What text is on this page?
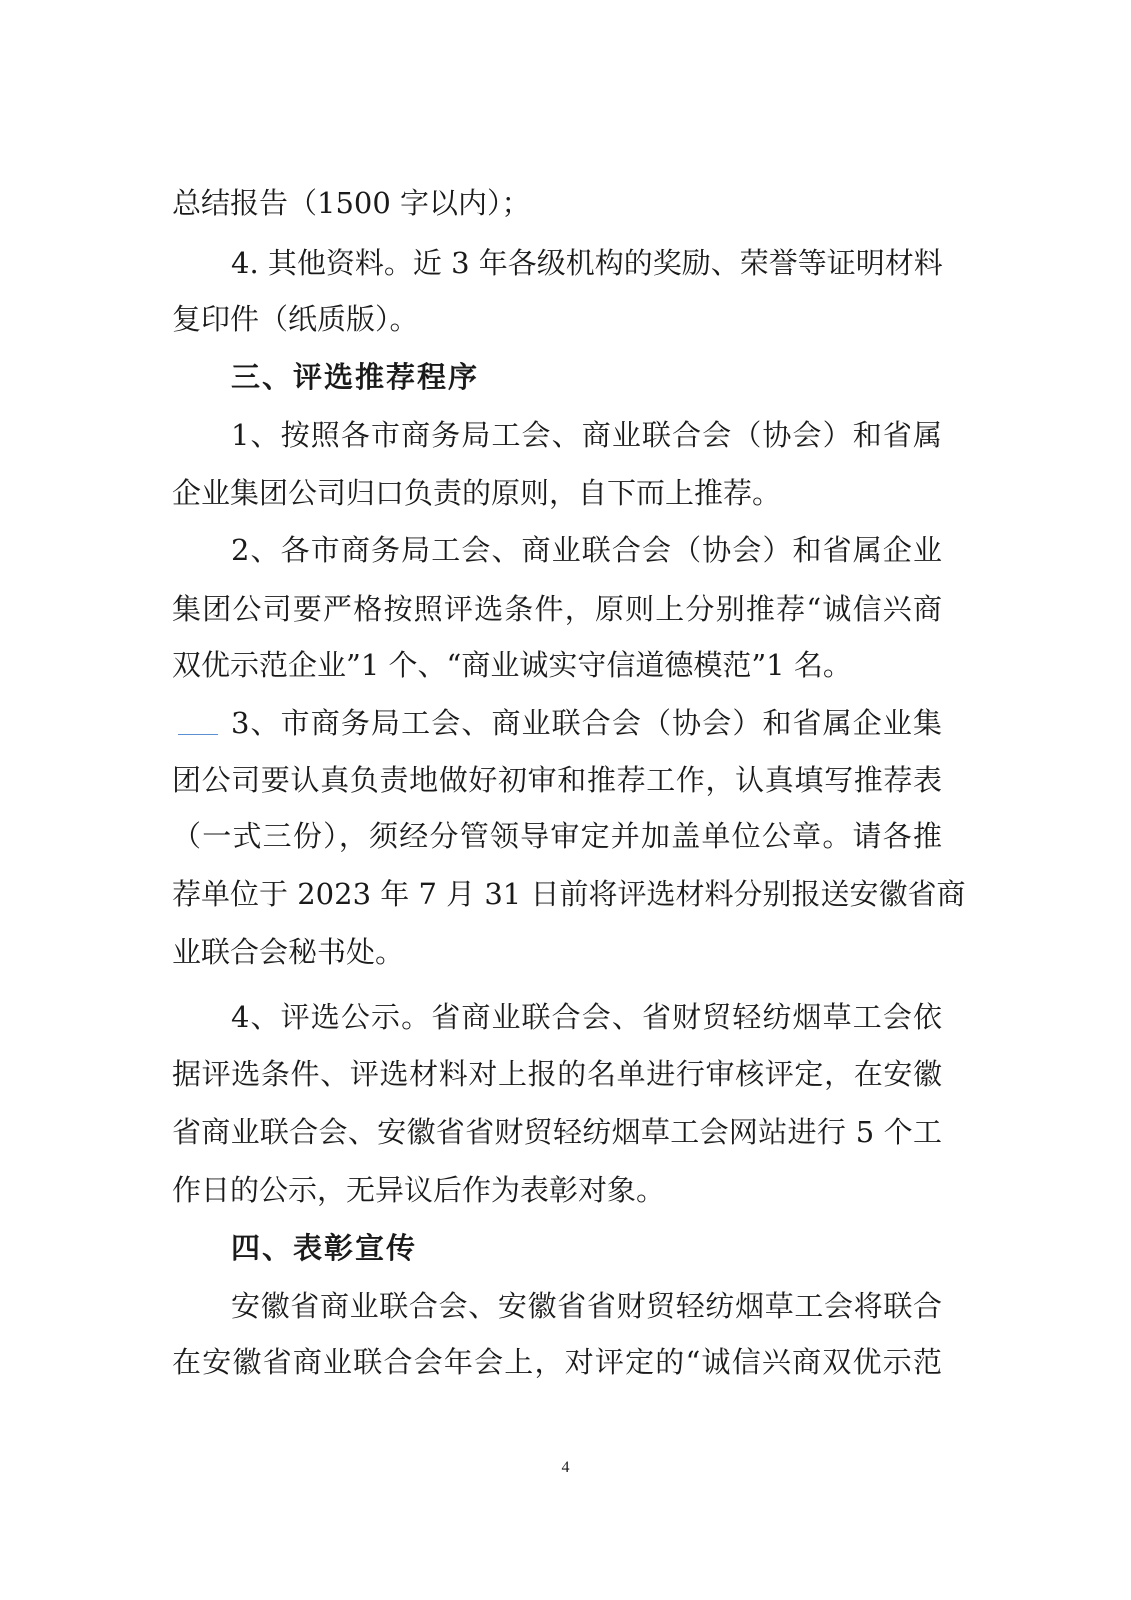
总结报告（1500 字以内）；
4. 其他资料。近 3 年各级机构的奖励、荣誉等证明材料
复印件（纸质版）。
三、评选推荐程序
1、按照各市商务局工会、商业联合会（协会）和省属
企业集团公司归口负责的原则，自下而上推荐。
2、各市商务局工会、商业联合会（协会）和省属企业
集团公司要严格按照评选条件，原则上分别推荐“诚信兴商
双优示范企业”1 个、“商业诚实守信道德模范”1 名。
3、市商务局工会、商业联合会（协会）和省属企业集
团公司要认真负责地做好初审和推荐工作，认真填写推荐表
（一式三份），须经分管领导审定并加盖单位公章。请各推
荐单位于 2023 年 7 月 31 日前将评选材料分别报送安徽省商
业联合会秘书处。
4、评选公示。省商业联合会、省财贸轻纺烟草工会依
据评选条件、评选材料对上报的名单进行审核评定，在安徽
省商业联合会、安徽省省财贸轻纺烟草工会网站进行 5 个工
作日的公示，无异议后作为表彰对象。
四、表彰宣传
安徽省商业联合会、安徽省省财贸轻纺烟草工会将联合
在安徽省商业联合会年会上，对评定的“诚信兴商双优示范
4
